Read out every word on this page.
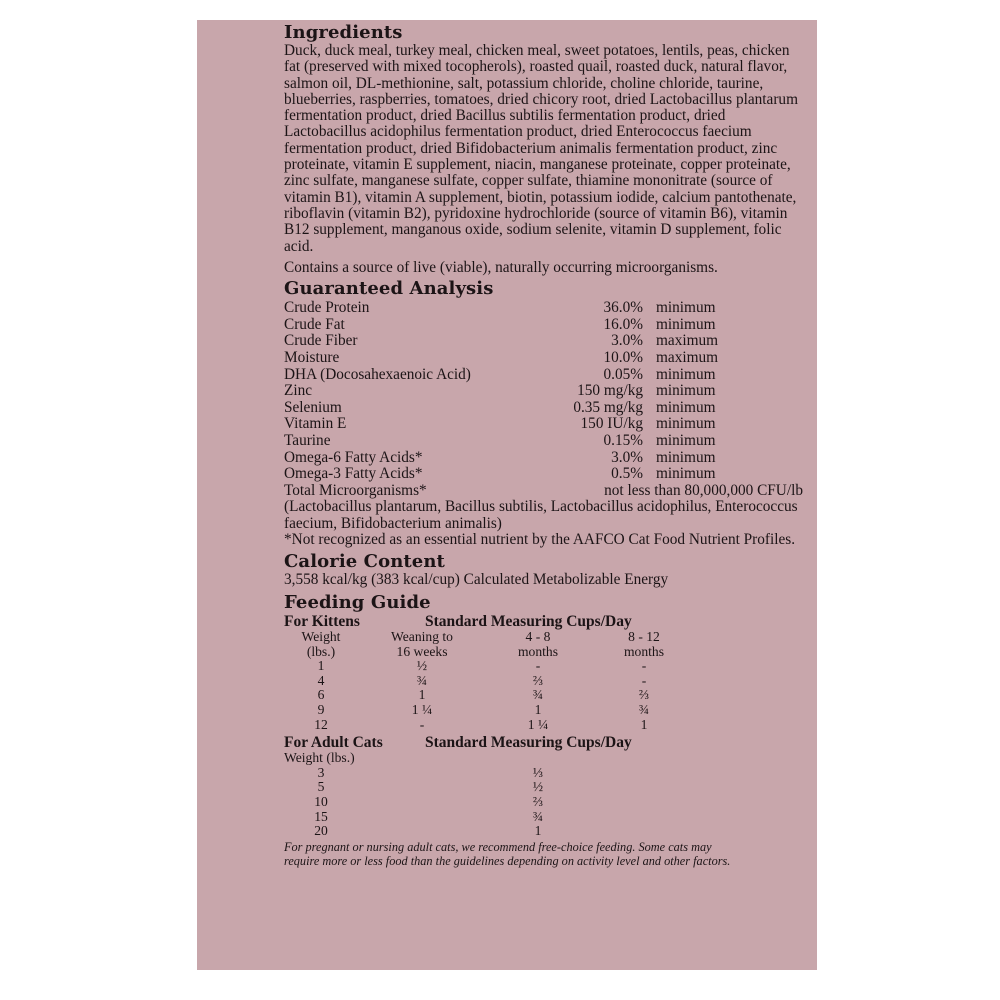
Ingredients

Duck, duck meal, turkey meal, chicken meal, sweet potatoes, lentils, peas, chicken fat (preserved with mixed tocopherols), roasted quail, roasted duck, natural flavor, salmon oil, DL-methionine, salt, potassium chloride, choline chloride, taurine, blueberries, raspberries, tomatoes, dried chicory root, dried Lactobacillus plantarum fermentation product, dried Bacillus subtilis fermentation product, dried Lactobacillus acidophilus fermentation product, dried Enterococcus faecium fermentation product, dried Bifidobacterium animalis fermentation product, zinc proteinate, vitamin E supplement, niacin, manganese proteinate, copper proteinate, zinc sulfate, manganese sulfate, copper sulfate, thiamine mononitrate (source of vitamin B1), vitamin A supplement, biotin, potassium iodide, calcium pantothenate, riboflavin (vitamin B2), pyridoxine hydrochloride (source of vitamin B6), vitamin B12 supplement, manganous oxide, sodium selenite, vitamin D supplement, folic acid.

Contains a source of live (viable), naturally occurring microorganisms.

Guaranteed Analysis
Crude Protein	36.0% minimum
Crude Fat	16.0% minimum
Crude Fiber	3.0% maximum
Moisture	10.0% maximum
DHA (Docosahexaenoic Acid)	0.05% minimum
Zinc	150 mg/kg minimum
Selenium	0.35 mg/kg minimum
Vitamin E	150 IU/kg minimum
Taurine	0.15% minimum
Omega-6 Fatty Acids*	3.0% minimum
Omega-3 Fatty Acids*	0.5% minimum
Total Microorganisms*	not less than 80,000,000 CFU/lb

(Lactobacillus plantarum, Bacillus subtilis, Lactobacillus acidophilus, Enterococcus faecium, Bifidobacterium animalis)

*Not recognized as an essential nutrient by the AAFCO Cat Food Nutrient Profiles.

Calorie Content

3,558 kcal/kg (383 kcal/cup) Calculated Metabolizable Energy

Feeding Guide
For Kittens	Standard Measuring Cups/Day
Weight	Weaning to	4 - 8	8 - 12
(lbs.)	16 weeks	months	months
1	½	-	-
4	¾	⅔	-
6	1	¾	⅔
9	1 ¼	1	¾
12	-	1 ¼	1
For Adult Cats	Standard Measuring Cups/Day
Weight (lbs.)
3	⅓
5	½
10	⅔
15	¾
20	1

For pregnant or nursing adult cats, we recommend free-choice feeding. Some cats may require more or less food than the guidelines depending on activity level and other factors.
